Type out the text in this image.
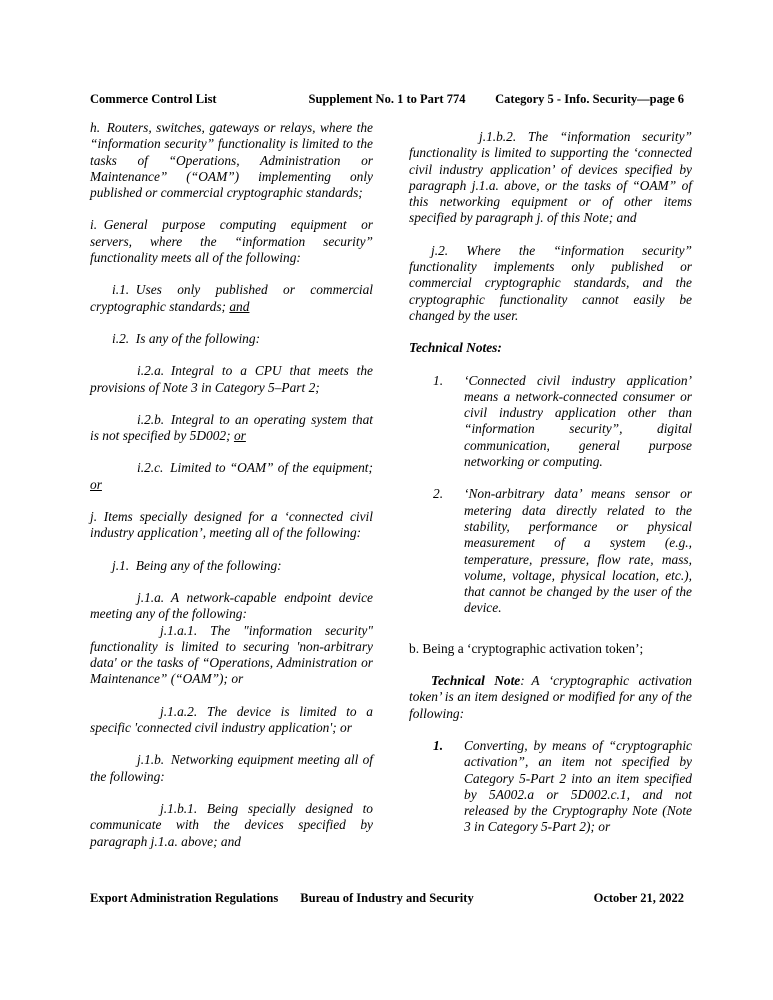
Commerce Control List	Supplement No. 1 to Part 774	Category 5 - Info. Security—page 6

h. Routers, switches, gateways or relays, where the “information security” functionality is limited to the tasks of “Operations, Administration or Maintenance” (“OAM”) implementing only published or commercial cryptographic standards;

i. General purpose computing equipment or servers, where the “information security” functionality meets all of the following:

i.1. Uses only published or commercial cryptographic standards; and

i.2. Is any of the following:

i.2.a. Integral to a CPU that meets the provisions of Note 3 in Category 5–Part 2;

i.2.b. Integral to an operating system that is not specified by 5D002; or

i.2.c. Limited to “OAM” of the equipment; or

j. Items specially designed for a ‘connected civil industry application’, meeting all of the following:

j.1. Being any of the following:

j.1.a. A network-capable endpoint device meeting any of the following:

j.1.a.1. The "information security" functionality is limited to securing 'non-arbitrary data' or the tasks of “Operations, Administration or Maintenance” (“OAM”); or

j.1.a.2. The device is limited to a specific 'connected civil industry application'; or

j.1.b. Networking equipment meeting all of the following:

j.1.b.1. Being specially designed to communicate with the devices specified by paragraph j.1.a. above; and

j.1.b.2. The “information security” functionality is limited to supporting the ‘connected civil industry application’ of devices specified by paragraph j.1.a. above, or the tasks of “OAM” of this networking equipment or of other items specified by paragraph j. of this Note; and

j.2. Where the “information security” functionality implements only published or commercial cryptographic standards, and the cryptographic functionality cannot easily be changed by the user.

Technical Notes:

1.	‘Connected civil industry application’ means a network-connected consumer or civil industry application other than “information security”, digital communication, general purpose networking or computing.
2.	‘Non-arbitrary data’ means sensor or metering data directly related to the stability, performance or physical measurement of a system (e.g., temperature, pressure, flow rate, mass, volume, voltage, physical location, etc.), that cannot be changed by the user of the device.

b. Being a ‘cryptographic activation token’;

Technical Note: A ‘cryptographic activation token’ is an item designed or modified for any of the following:

1.	Converting, by means of “cryptographic activation”, an item not specified by Category 5-Part 2 into an item specified by 5A002.a or 5D002.c.1, and not released by the Cryptography Note (Note 3 in Category 5-Part 2); or
Export Administration Regulations	Bureau of Industry and Security	October 21, 2022
